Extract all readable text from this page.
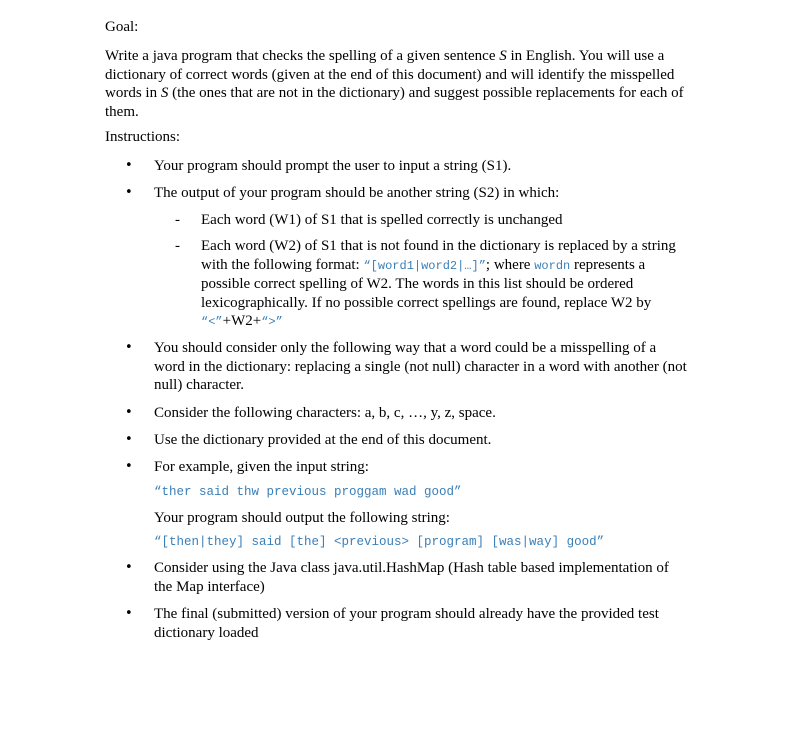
Goal:
Write a java program that checks the spelling of a given sentence S in English. You will use a dictionary of correct words (given at the end of this document) and will identify the misspelled words in S (the ones that are not in the dictionary) and suggest possible replacements for each of them.
Instructions:
• Your program should prompt the user to input a string (S1).
• The output of your program should be another string (S2) in which:
- Each word (W1) of S1 that is spelled correctly is unchanged
- Each word (W2) of S1 that is not found in the dictionary is replaced by a string with the following format: “[word1|word2|…]”; where wordn represents a possible correct spelling of W2. The words in this list should be ordered lexicographically. If no possible correct spellings are found, replace W2 by “<”+W2+“>”
• You should consider only the following way that a word could be a misspelling of a word in the dictionary: replacing a single (not null) character in a word with another (not null) character.
• Consider the following characters: a, b, c, …, y, z, space.
• Use the dictionary provided at the end of this document.
• For example, given the input string:
“ther said thw previous proggam wad good”
Your program should output the following string:
“[then|they] said [the] <previous> [program] [was|way] good”
• Consider using the Java class java.util.HashMap (Hash table based implementation of the Map interface)
• The final (submitted) version of your program should already have the provided test dictionary loaded
